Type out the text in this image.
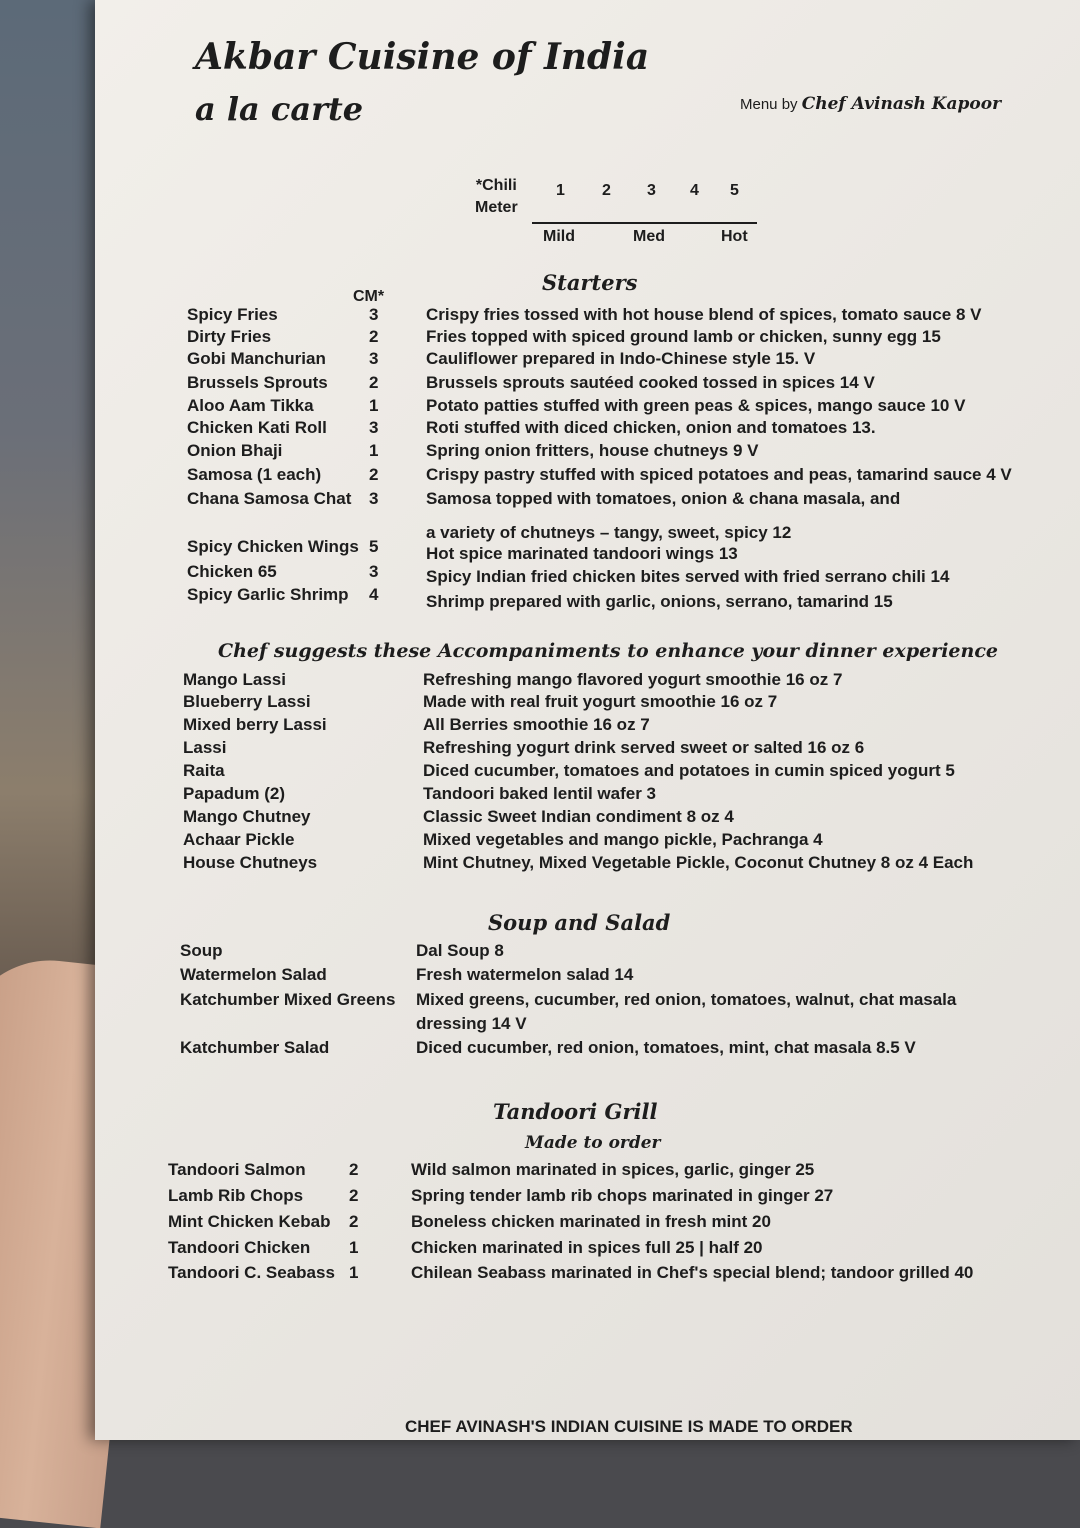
Akbar Cuisine of India
a la carte	Menu by Chef Avinash Kapoor
*Chili
Meter
1 2 3 4 5
Mild	Med	Hot
Starters
CM*
Spicy Fries	3	Crispy fries tossed with hot house blend of spices, tomato sauce 8 V
Dirty Fries	2	Fries topped with spiced ground lamb or chicken, sunny egg 15
Gobi Manchurian	3	Cauliflower prepared in Indo-Chinese style 15. V
Brussels Sprouts 2	Brussels sprouts sautéed cooked tossed in spices 14 V
Aloo Aam Tikka	1	Potato patties stuffed with green peas & spices, mango sauce 10 V
Chicken Kati Roll 3	Roti stuffed with diced chicken, onion and tomatoes 13.
Onion Bhaji	1	Spring onion fritters, house chutneys 9 V
Samosa (1 each)	2	Crispy pastry stuffed with spiced potatoes and peas, tamarind sauce 4 V
Chana Samosa Chat 3	Samosa topped with tomatoes, onion & chana masala, and
a variety of chutneys – tangy, sweet, spicy 12
Spicy Chicken Wings 5	Hot spice marinated tandoori wings 13
Chicken 65	3	Spicy Indian fried chicken bites served with fried serrano chili 14
Spicy Garlic Shrimp 4	Shrimp prepared with garlic, onions, serrano, tamarind 15
Chef suggests these Accompaniments to enhance your dinner experience
Mango Lassi	Refreshing mango flavored yogurt smoothie 16 oz 7
Blueberry Lassi	Made with real fruit yogurt smoothie 16 oz 7
Mixed berry Lassi	All Berries smoothie 16 oz 7
Lassi	Refreshing yogurt drink served sweet or salted 16 oz 6
Raita	Diced cucumber, tomatoes and potatoes in cumin spiced yogurt 5
Papadum (2)	Tandoori baked lentil wafer 3
Mango Chutney	Classic Sweet Indian condiment 8 oz 4
Achaar Pickle	Mixed vegetables and mango pickle, Pachranga 4
House Chutneys	Mint Chutney, Mixed Vegetable Pickle, Coconut Chutney 8 oz 4 Each
Soup and Salad
Soup	Dal Soup 8
Watermelon Salad	Fresh watermelon salad 14
Katchumber Mixed Greens Mixed greens, cucumber, red onion, tomatoes, walnut, chat masala
dressing 14 V
Katchumber Salad	Diced cucumber, red onion, tomatoes, mint, chat masala 8.5 V
Tandoori Grill
Made to order
Tandoori Salmon	2	Wild salmon marinated in spices, garlic, ginger 25
Lamb Rib Chops	2	Spring tender lamb rib chops marinated in ginger 27
Mint Chicken Kebab 2	Boneless chicken marinated in fresh mint 20
Tandoori Chicken 1	Chicken marinated in spices full 25 | half 20
Tandoori C. Seabass 1	Chilean Seabass marinated in Chef's special blend; tandoor grilled 40
CHEF AVINASH'S INDIAN CUISINE IS MADE TO ORDER
